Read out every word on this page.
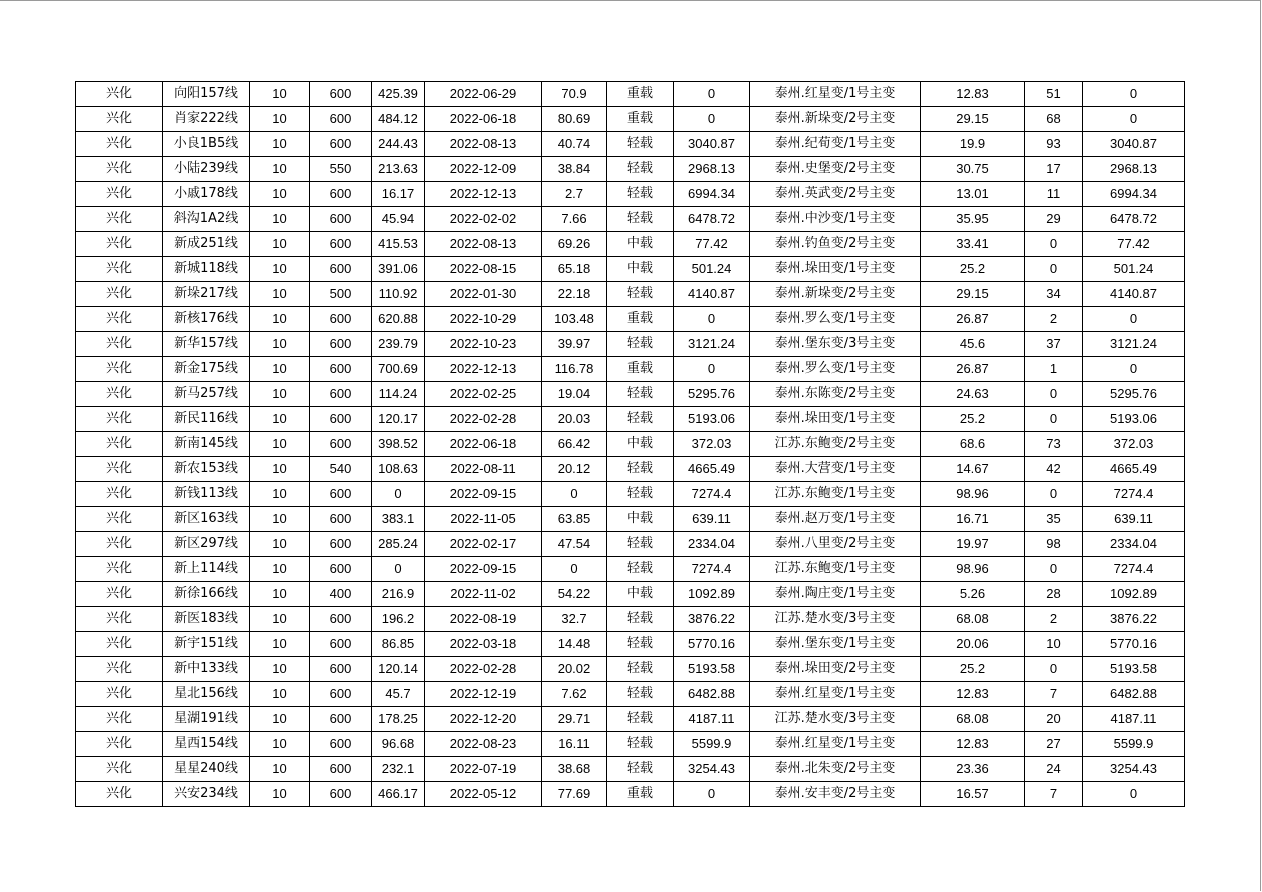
兴化	向阳157线	10	600	425.39	2022-06-29	70.9	重载	0	泰州.红星变/1号主变	12.83	51	0
兴化	肖家222线	10	600	484.12	2022-06-18	80.69	重载	0	泰州.新垛变/2号主变	29.15	68	0
兴化	小良1B5线	10	600	244.43	2022-08-13	40.74	轻载	3040.87	泰州.纪荀变/1号主变	19.9	93	3040.87
兴化	小陆239线	10	550	213.63	2022-12-09	38.84	轻载	2968.13	泰州.史堡变/2号主变	30.75	17	2968.13
兴化	小戚178线	10	600	16.17	2022-12-13	2.7	轻载	6994.34	泰州.英武变/2号主变	13.01	11	6994.34
兴化	斜沟1A2线	10	600	45.94	2022-02-02	7.66	轻载	6478.72	泰州.中沙变/1号主变	35.95	29	6478.72
兴化	新成251线	10	600	415.53	2022-08-13	69.26	中载	77.42	泰州.钓鱼变/2号主变	33.41	0	77.42
兴化	新城118线	10	600	391.06	2022-08-15	65.18	中载	501.24	泰州.垛田变/1号主变	25.2	0	501.24
兴化	新垛217线	10	500	110.92	2022-01-30	22.18	轻载	4140.87	泰州.新垛变/2号主变	29.15	34	4140.87
兴化	新核176线	10	600	620.88	2022-10-29	103.48	重载	0	泰州.罗么变/1号主变	26.87	2	0
兴化	新华157线	10	600	239.79	2022-10-23	39.97	轻载	3121.24	泰州.堡东变/3号主变	45.6	37	3121.24
兴化	新金175线	10	600	700.69	2022-12-13	116.78	重载	0	泰州.罗么变/1号主变	26.87	1	0
兴化	新马257线	10	600	114.24	2022-02-25	19.04	轻载	5295.76	泰州.东陈变/2号主变	24.63	0	5295.76
兴化	新民116线	10	600	120.17	2022-02-28	20.03	轻载	5193.06	泰州.垛田变/1号主变	25.2	0	5193.06
兴化	新南145线	10	600	398.52	2022-06-18	66.42	中载	372.03	江苏.东鲍变/2号主变	68.6	73	372.03
兴化	新农153线	10	540	108.63	2022-08-11	20.12	轻载	4665.49	泰州.大营变/1号主变	14.67	42	4665.49
兴化	新钱113线	10	600	0	2022-09-15	0	轻载	7274.4	江苏.东鲍变/1号主变	98.96	0	7274.4
兴化	新区163线	10	600	383.1	2022-11-05	63.85	中载	639.11	泰州.赵万变/1号主变	16.71	35	639.11
兴化	新区297线	10	600	285.24	2022-02-17	47.54	轻载	2334.04	泰州.八里变/2号主变	19.97	98	2334.04
兴化	新上114线	10	600	0	2022-09-15	0	轻载	7274.4	江苏.东鲍变/1号主变	98.96	0	7274.4
兴化	新徐166线	10	400	216.9	2022-11-02	54.22	中载	1092.89	泰州.陶庄变/1号主变	5.26	28	1092.89
兴化	新医183线	10	600	196.2	2022-08-19	32.7	轻载	3876.22	江苏.楚水变/3号主变	68.08	2	3876.22
兴化	新宇151线	10	600	86.85	2022-03-18	14.48	轻载	5770.16	泰州.堡东变/1号主变	20.06	10	5770.16
兴化	新中133线	10	600	120.14	2022-02-28	20.02	轻载	5193.58	泰州.垛田变/2号主变	25.2	0	5193.58
兴化	星北156线	10	600	45.7	2022-12-19	7.62	轻载	6482.88	泰州.红星变/1号主变	12.83	7	6482.88
兴化	星湖191线	10	600	178.25	2022-12-20	29.71	轻载	4187.11	江苏.楚水变/3号主变	68.08	20	4187.11
兴化	星西154线	10	600	96.68	2022-08-23	16.11	轻载	5599.9	泰州.红星变/1号主变	12.83	27	5599.9
兴化	星星240线	10	600	232.1	2022-07-19	38.68	轻载	3254.43	泰州.北朱变/2号主变	23.36	24	3254.43
兴化	兴安234线	10	600	466.17	2022-05-12	77.69	重载	0	泰州.安丰变/2号主变	16.57	7	0
